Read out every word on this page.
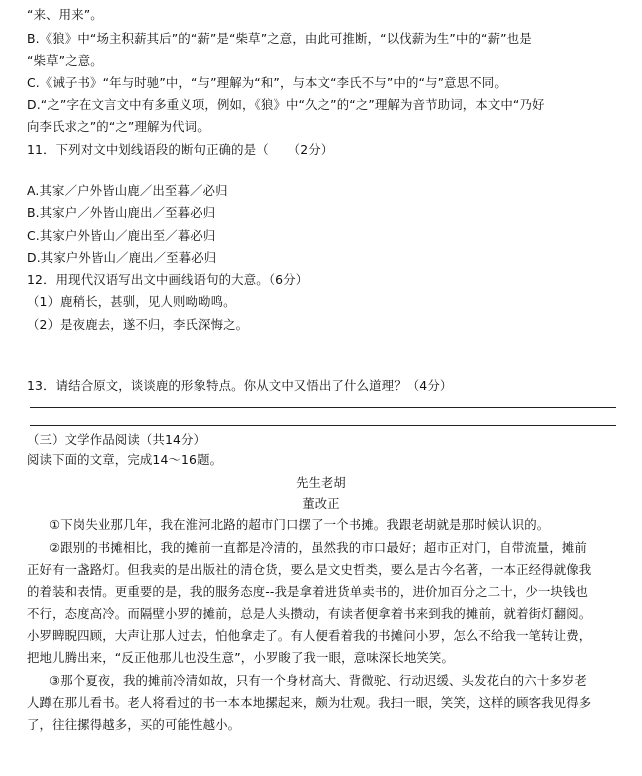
“来、用来”。
B.《狼》中“场主积薪其后”的“薪”是“柴草”之意，由此可推断，“以伐薪为生”中的“薪”也是
“柴草”之意。
C.《诫子书》“年与时驰”中，“与”理解为“和”，与本文“李氏不与”中的“与”意思不同。
D.“之”字在文言文中有多重义项，例如，《狼》中“久之”的“之”理解为音节助词，本文中“乃好
向李氏求之”的“之”理解为代词。
11．下列对文中划线语段的断句正确的是（　　（2分）
A.其家／户外皆山鹿／出至暮／必归
B.其家户／外皆山鹿出／至暮必归
C.其家户外皆山／鹿出至／暮必归
D.其家户外皆山／鹿出／至暮必归
12．用现代汉语写出文中画线语句的大意。（6分）
（1）鹿稍长，甚驯，见人则呦呦鸣。
（2）是夜鹿去，遂不归，李氏深悔之。
13．请结合原文，谈谈鹿的形象特点。你从文中又悟出了什么道理？（4分）
（三）文学作品阅读（共14分）
阅读下面的文章，完成14～16题。
先生老胡
董改正
①下岗失业那几年，我在淮河北路的超市门口摆了一个书摊。我跟老胡就是那时候认识的。
②跟别的书摊相比，我的摊前一直都是冷清的，虽然我的市口最好；超市正对门，自带流量，摊前
正好有一盏路灯。但我卖的是出版社的清仓货，要么是文史哲类，要么是古今名著，一本正经得就像我
的着装和表情。更重要的是，我的服务态度--我是拿着进货单卖书的，进价加百分之二十，少一块钱也
不行，态度高冷。而隔壁小罗的摊前，总是人头攒动，有读者便拿着书来到我的摊前，就着街灯翻阅。
小罗睥睨四顾，大声让那人过去，怕他拿走了。有人便看着我的书摊问小罗，怎么不给我一笔转让费，
把地儿腾出来，“反正他那儿也没生意”，小罗睃了我一眼，意味深长地笑笑。
③那个夏夜，我的摊前冷清如故，只有一个身材高大、背微驼、行动迟缓、头发花白的六十多岁老
人蹲在那儿看书。老人将看过的书一本本地摞起来，颇为壮观。我扫一眼，笑笑，这样的顾客我见得多
了，往往摞得越多，买的可能性越小。
